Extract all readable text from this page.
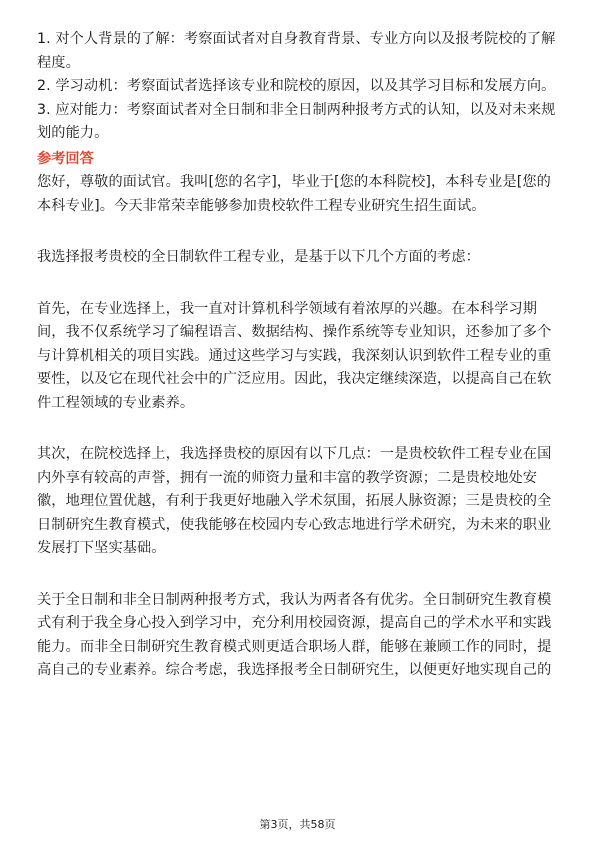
1. 对个人背景的了解：考察面试者对自身教育背景、专业方向以及报考院校的了解
程度。
2. 学习动机：考察面试者选择该专业和院校的原因，以及其学习目标和发展方向。
3. 应对能力：考察面试者对全日制和非全日制两种报考方式的认知，以及对未来规
划的能力。
参考回答
您好，尊敬的面试官。我叫[您的名字]，毕业于[您的本科院校]，本科专业是[您的
本科专业]。今天非常荣幸能够参加贵校软件工程专业研究生招生面试。
我选择报考贵校的全日制软件工程专业，是基于以下几个方面的考虑：
首先，在专业选择上，我一直对计算机科学领域有着浓厚的兴趣。在本科学习期
间，我不仅系统学习了编程语言、数据结构、操作系统等专业知识，还参加了多个
与计算机相关的项目实践。通过这些学习与实践，我深刻认识到软件工程专业的重
要性，以及它在现代社会中的广泛应用。因此，我决定继续深造，以提高自己在软
件工程领域的专业素养。
其次，在院校选择上，我选择贵校的原因有以下几点：一是贵校软件工程专业在国
内外享有较高的声誉，拥有一流的师资力量和丰富的教学资源；二是贵校地处安
徽，地理位置优越，有利于我更好地融入学术氛围，拓展人脉资源；三是贵校的全
日制研究生教育模式，使我能够在校园内专心致志地进行学术研究，为未来的职业
发展打下坚实基础。
关于全日制和非全日制两种报考方式，我认为两者各有优劣。全日制研究生教育模
式有利于我全身心投入到学习中，充分利用校园资源，提高自己的学术水平和实践
能力。而非全日制研究生教育模式则更适合职场人群，能够在兼顾工作的同时，提
高自己的专业素养。综合考虑，我选择报考全日制研究生，以便更好地实现自己的
第3页，共58页
